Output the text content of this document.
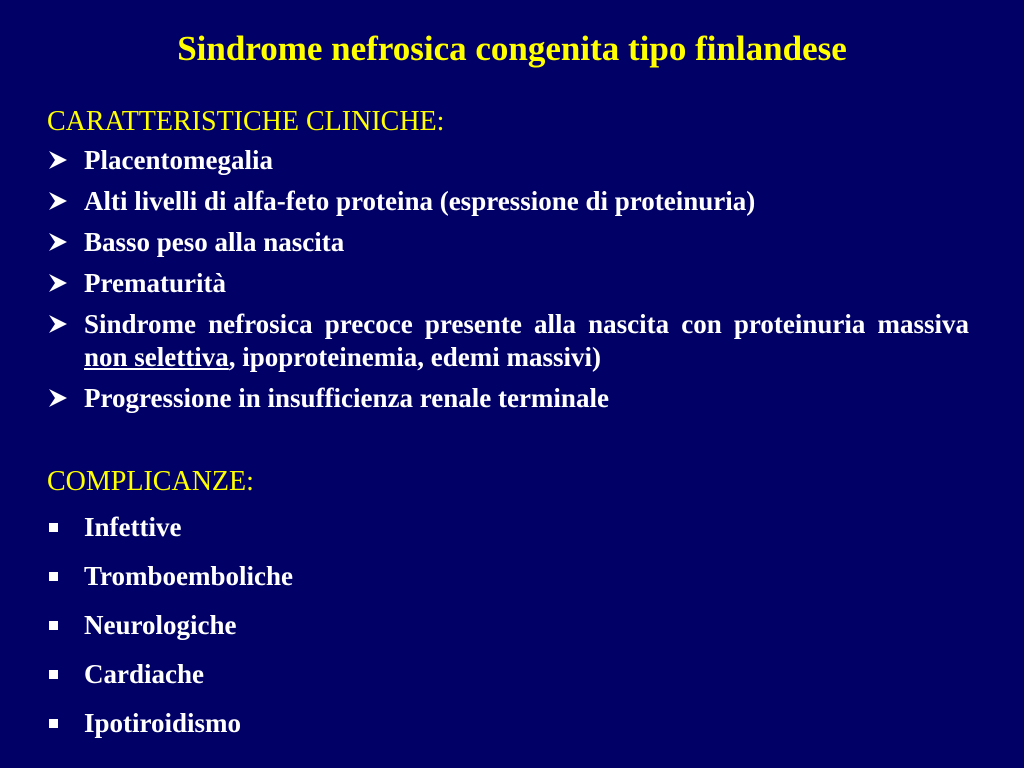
Sindrome nefrosica congenita tipo finlandese
CARATTERISTICHE CLINICHE:
Placentomegalia
Alti livelli di alfa-feto proteina (espressione di proteinuria)
Basso peso alla nascita
Prematurità
Sindrome nefrosica precoce presente alla nascita con proteinuria massiva non selettiva, ipoproteinemia, edemi massivi)
Progressione in insufficienza renale terminale
COMPLICANZE:
Infettive
Tromboemboliche
Neurologiche
Cardiache
Ipotiroidismo
